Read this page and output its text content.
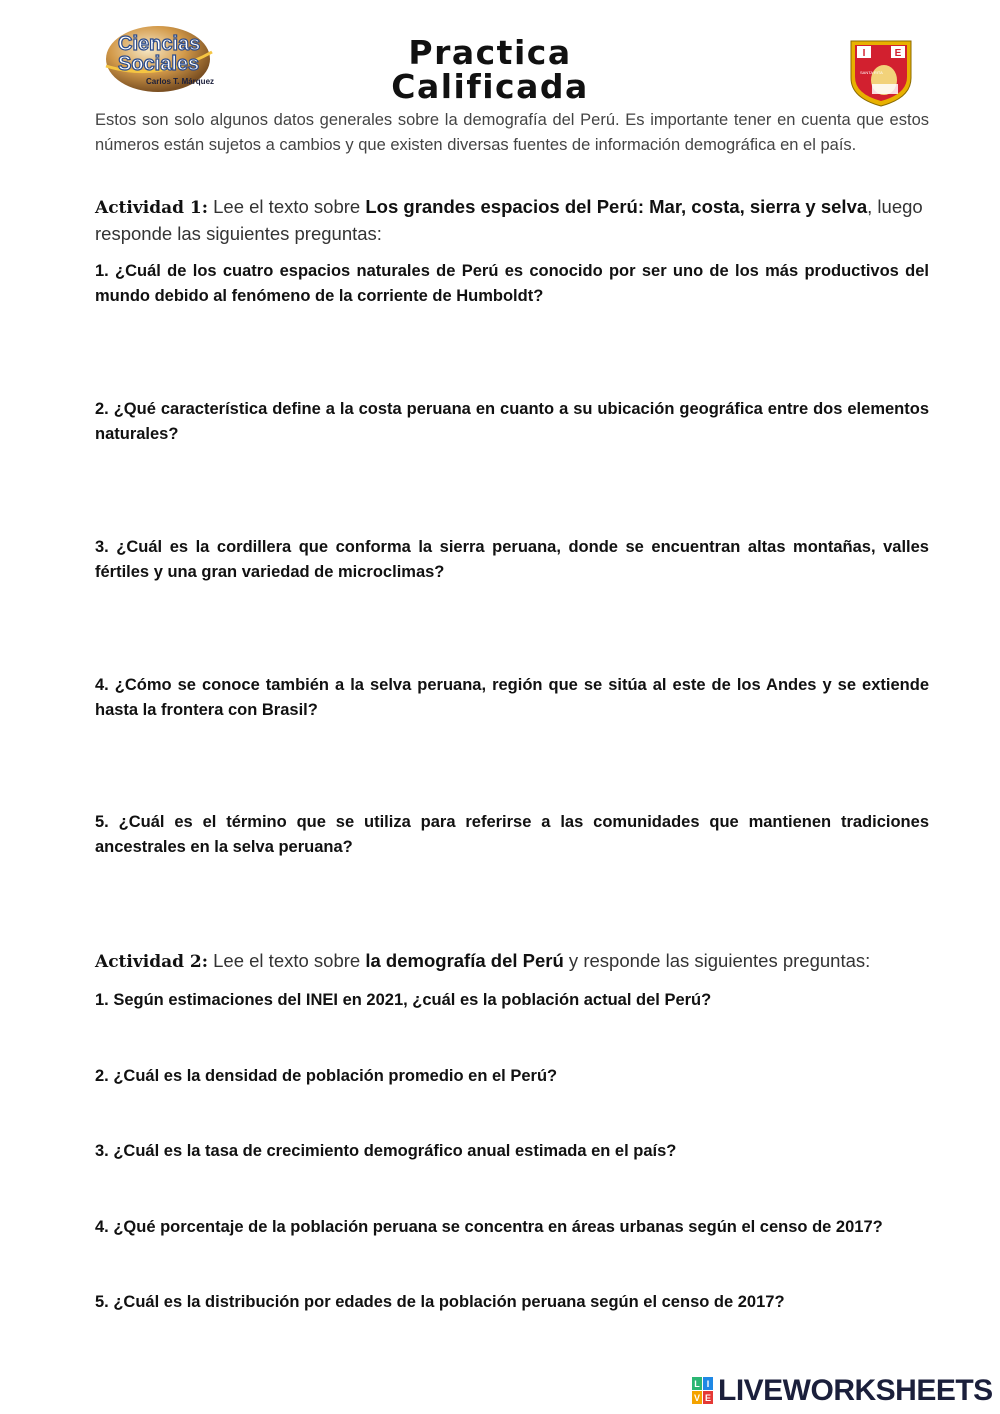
Ciencias
Sociales
Carlos T. Márquez
Practica
Calificada
I	E
SANTA RITA

Estos son solo algunos datos generales sobre la demografía del Perú. Es importante tener en cuenta que estos números están sujetos a cambios y que existen diversas fuentes de información demográfica en el país.

Actividad 1: Lee el texto sobre Los grandes espacios del Perú: Mar, costa, sierra y selva, luego responde las siguientes preguntas:

1. ¿Cuál de los cuatro espacios naturales de Perú es conocido por ser uno de los más productivos del mundo debido al fenómeno de la corriente de Humboldt?

2. ¿Qué característica define a la costa peruana en cuanto a su ubicación geográfica entre dos elementos naturales?

3. ¿Cuál es la cordillera que conforma la sierra peruana, donde se encuentran altas montañas, valles fértiles y una gran variedad de microclimas?

4. ¿Cómo se conoce también a la selva peruana, región que se sitúa al este de los Andes y se extiende hasta la frontera con Brasil?

5. ¿Cuál es el término que se utiliza para referirse a las comunidades que mantienen tradiciones ancestrales en la selva peruana?

Actividad 2: Lee el texto sobre la demografía del Perú y responde las siguientes preguntas:

1. Según estimaciones del INEI en 2021, ¿cuál es la población actual del Perú?

2. ¿Cuál es la densidad de población promedio en el Perú?

3. ¿Cuál es la tasa de crecimiento demográfico anual estimada en el país?

4. ¿Qué porcentaje de la población peruana se concentra en áreas urbanas según el censo de 2017?

5. ¿Cuál es la distribución por edades de la población peruana según el censo de 2017?

L I
V E LIVEWORKSHEETS
